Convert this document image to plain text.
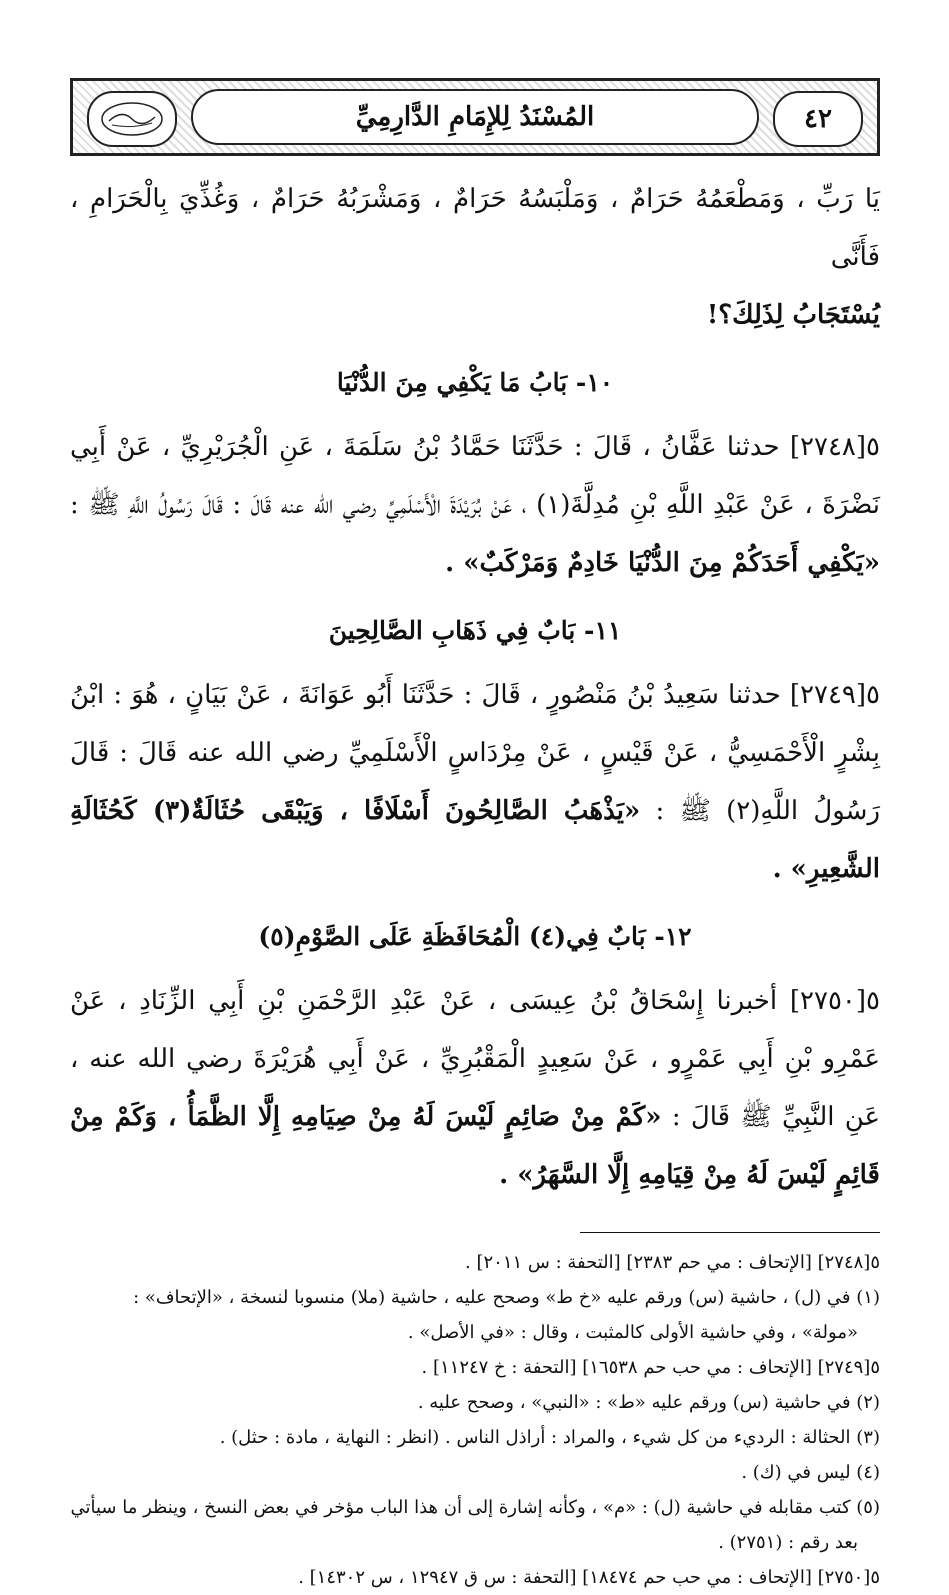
٤٢
المُسْنَدُ لِلإِمَامِ الدَّارِمِيِّ

يَا رَبِّ ، وَمَطْعَمُهُ حَرَامٌ ، وَمَلْبَسُهُ حَرَامٌ ، وَمَشْرَبُهُ حَرَامٌ ، وَغُذِّيَ بِالْحَرَامِ ، فَأَنَّى

يُسْتَجَابُ لِذَلِكَ؟!

١٠- بَابُ مَا يَكْفِي مِنَ الدُّنْيَا

٥[٢٧٤٨] حدثنا عَفَّانُ ، قَالَ : حَدَّثَنَا حَمَّادُ بْنُ سَلَمَةَ ، عَنِ الْجُرَيْرِيِّ ، عَنْ أَبِي نَضْرَةَ ، عَنْ عَبْدِ اللَّهِ بْنِ مُدِلَّةَ(١) ، عَنْ بُرَيْدَةَ الْأَسْلَمِيِّ رضي الله عنه قَالَ : قَالَ رَسُولُ اللَّهِ ﷺ : «يَكْفِي أَحَدَكُمْ مِنَ الدُّنْيَا خَادِمٌ وَمَرْكَبٌ» .

١١- بَابٌ فِي ذَهَابِ الصَّالِحِينَ

٥[٢٧٤٩] حدثنا سَعِيدُ بْنُ مَنْصُورٍ ، قَالَ : حَدَّثَنَا أَبُو عَوَانَةَ ، عَنْ بَيَانٍ ، هُوَ : ابْنُ بِشْرٍ الْأَحْمَسِيُّ ، عَنْ قَيْسٍ ، عَنْ مِرْدَاسٍ الْأَسْلَمِيِّ رضي الله عنه قَالَ : قَالَ رَسُولُ اللَّهِ(٢) ﷺ : «يَذْهَبُ الصَّالِحُونَ أَسْلَافًا ، وَيَبْقَى حُثَالَةٌ(٣) كَحُثَالَةِ الشَّعِيرِ» .

١٢- بَابٌ فِي(٤) الْمُحَافَظَةِ عَلَى الصَّوْمِ(٥)

٥[٢٧٥٠] أخبرنا إِسْحَاقُ بْنُ عِيسَى ، عَنْ عَبْدِ الرَّحْمَنِ بْنِ أَبِي الزِّنَادِ ، عَنْ عَمْرِو بْنِ أَبِي عَمْرٍو ، عَنْ سَعِيدٍ الْمَقْبُرِيِّ ، عَنْ أَبِي هُرَيْرَةَ رضي الله عنه ، عَنِ النَّبِيِّ ﷺ قَالَ : «كَمْ مِنْ صَائِمٍ لَيْسَ لَهُ مِنْ صِيَامِهِ إِلَّا الظَّمَأُ ، وَكَمْ مِنْ قَائِمٍ لَيْسَ لَهُ مِنْ قِيَامِهِ إِلَّا السَّهَرُ» .

٥[٢٧٤٨] [الإتحاف : مي حم ٢٣٨٣] [التحفة : س ٢٠١١] .

(١) في (ل) ، حاشية (س) ورقم عليه «خ ط» وصحح عليه ، حاشية (ملا) منسوبا لنسخة ، «الإتحاف» :

«مولة» ، وفي حاشية الأولى كالمثبت ، وقال : «في الأصل» .

٥[٢٧٤٩] [الإتحاف : مي حب حم ١٦٥٣٨] [التحفة : خ ١١٢٤٧] .

(٢) في حاشية (س) ورقم عليه «ط» : «النبي» ، وصحح عليه .

(٣) الحثالة : الرديء من كل شيء ، والمراد : أراذل الناس . (انظر : النهاية ، مادة : حثل) .

(٤) ليس في (ك) .

(٥) كتب مقابله في حاشية (ل) : «م» ، وكأنه إشارة إلى أن هذا الباب مؤخر في بعض النسخ ، وينظر ما سيأتي

بعد رقم : (٢٧٥١) .

٥[٢٧٥٠] [الإتحاف : مي حب حم ١٨٤٧٤] [التحفة : س ق ١٢٩٤٧ ، س ١٤٣٠٢] .
